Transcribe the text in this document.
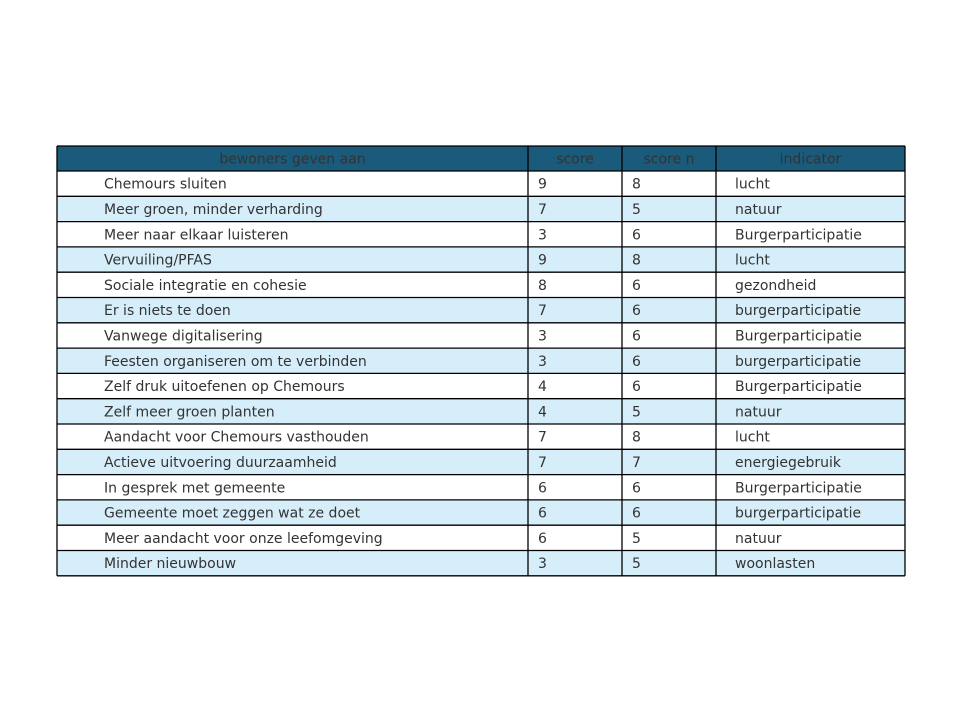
bewoners geven aan	score	score n	indicator
Chemours sluiten	9	8	lucht
Meer groen, minder verharding	7	5	natuur
Meer naar elkaar luisteren	3	6	Burgerparticipatie
Vervuiling/PFAS	9	8	lucht
Sociale integratie en cohesie	8	6	gezondheid
Er is niets te doen	7	6	burgerparticipatie
Vanwege digitalisering	3	6	Burgerparticipatie
Feesten organiseren om te verbinden	3	6	burgerparticipatie
Zelf druk uitoefenen op Chemours	4	6	Burgerparticipatie
Zelf meer groen planten	4	5	natuur
Aandacht voor Chemours vasthouden	7	8	lucht
Actieve uitvoering duurzaamheid	7	7	energiegebruik
In gesprek met gemeente	6	6	Burgerparticipatie
Gemeente moet zeggen wat ze doet	6	6	burgerparticipatie
Meer aandacht voor onze leefomgeving	6	5	natuur
Minder nieuwbouw	3	5	woonlasten
